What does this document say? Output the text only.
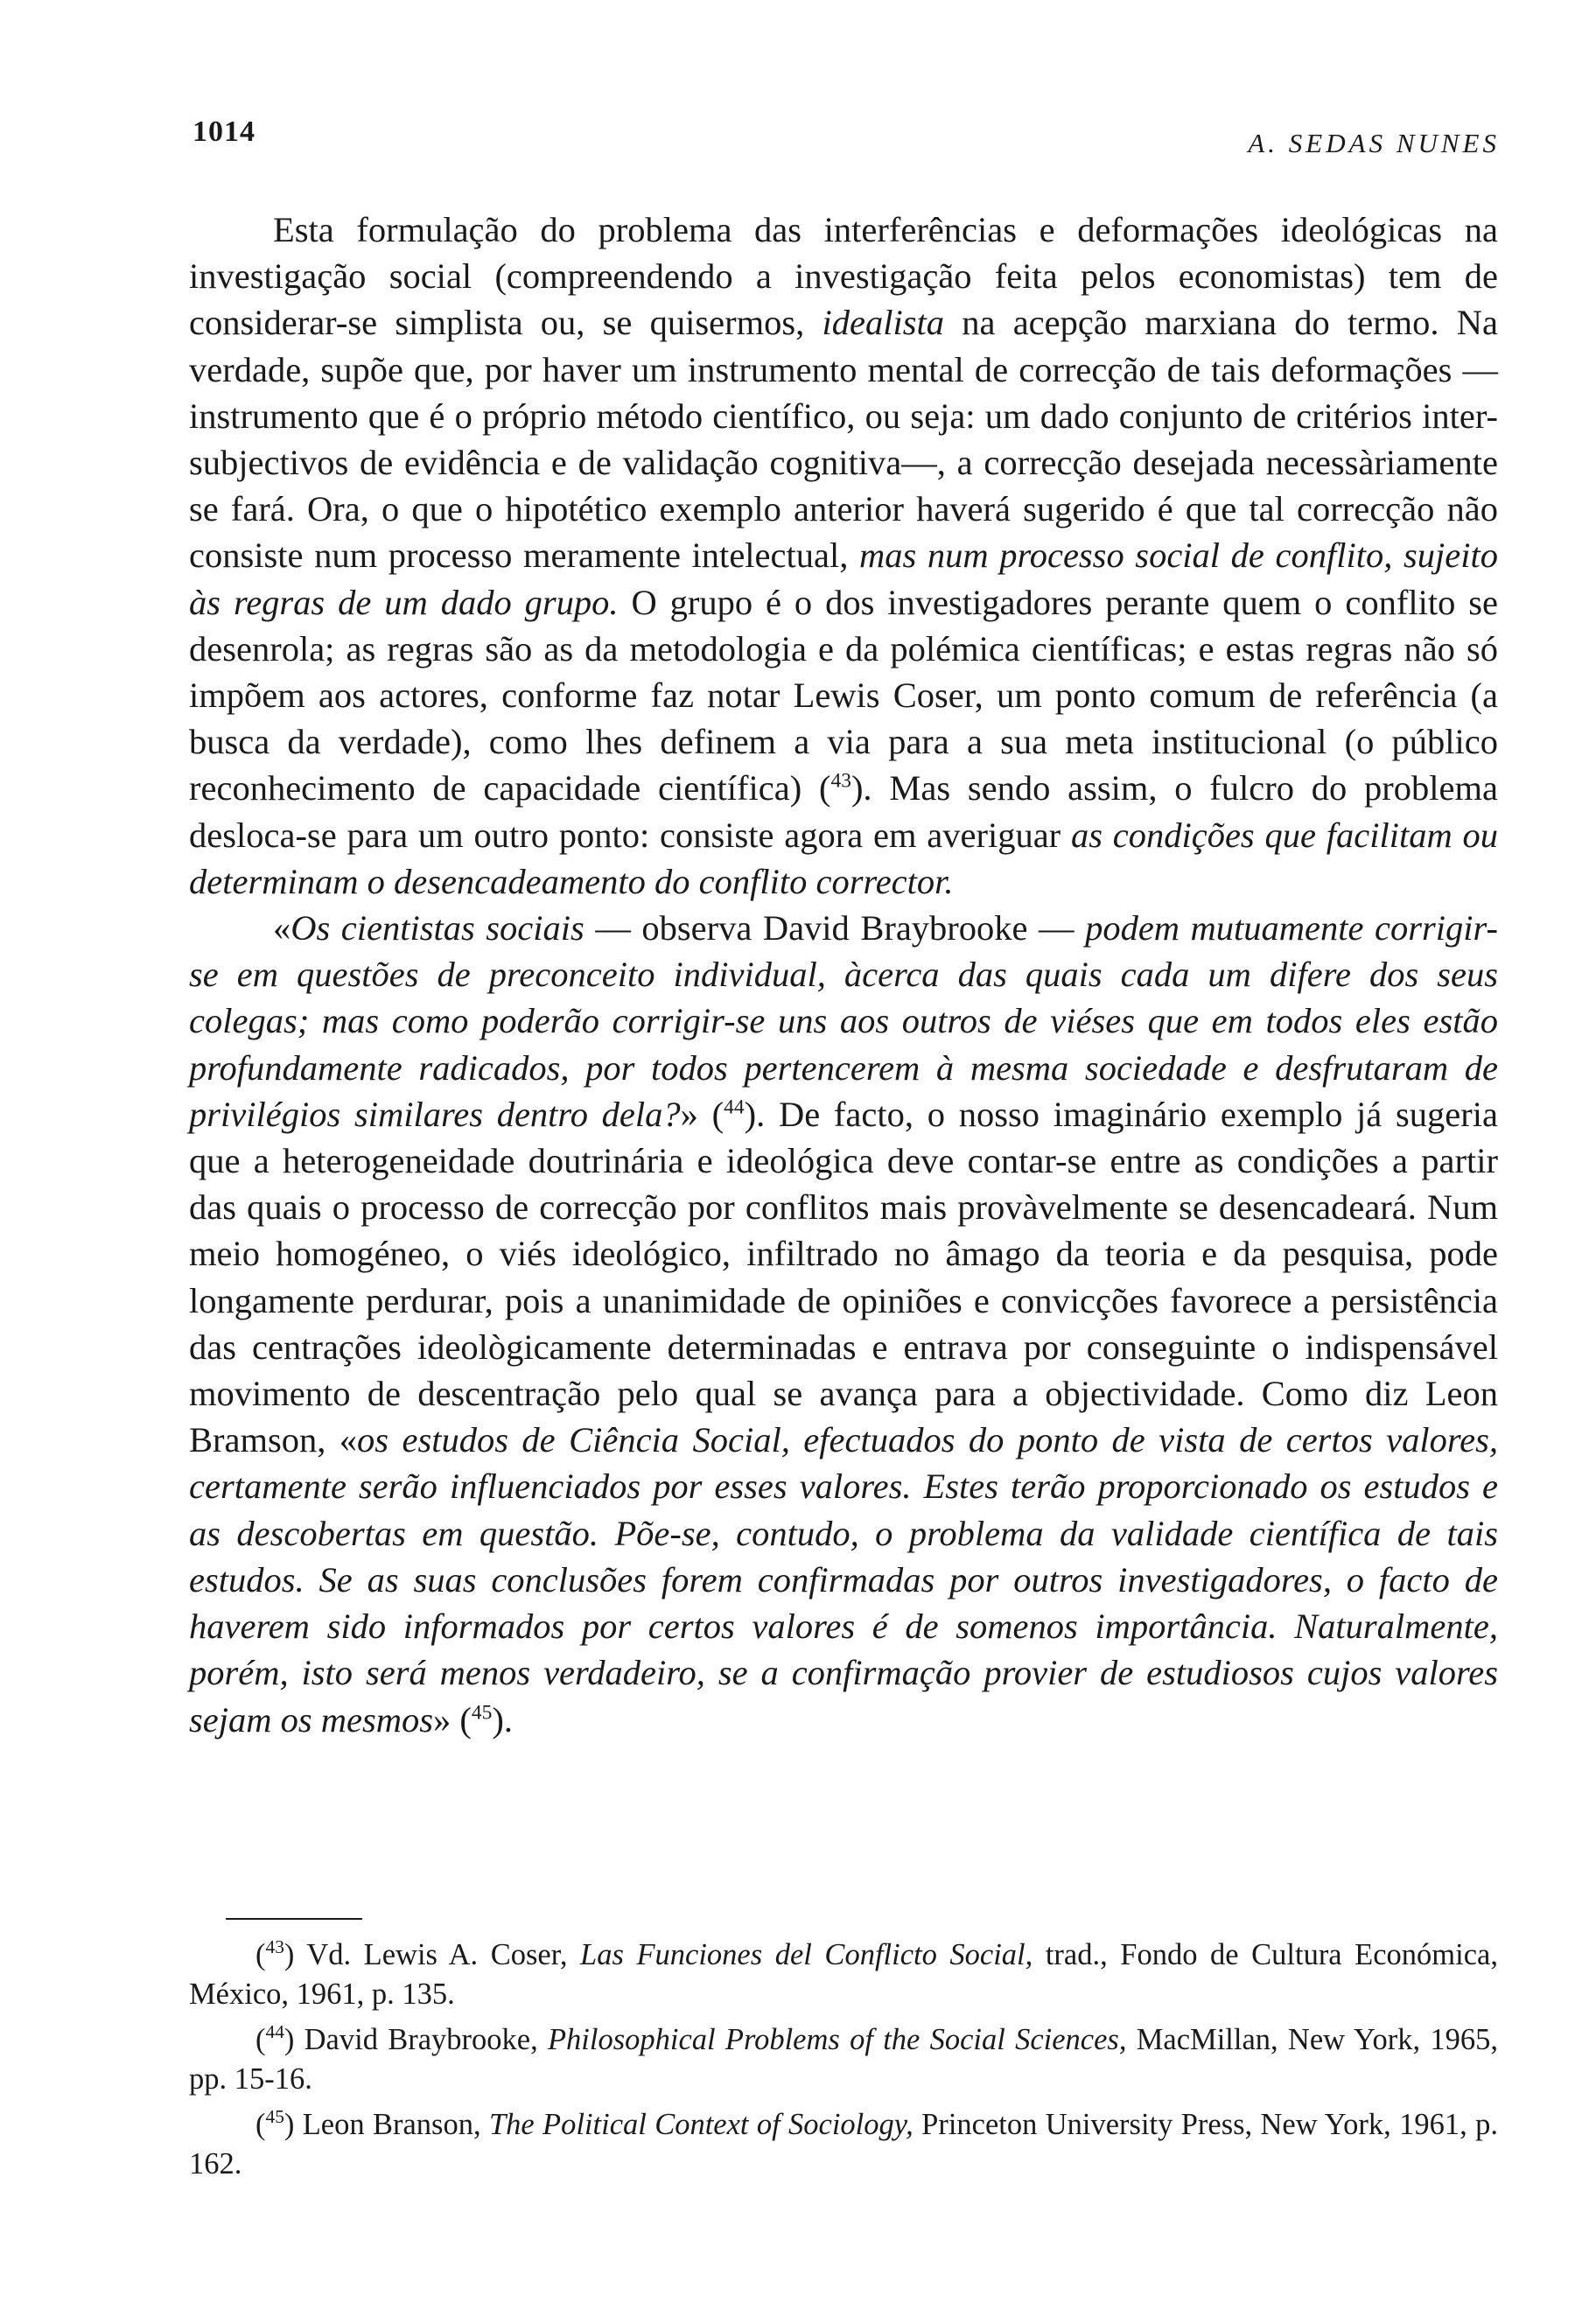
1014	A. SEDAS NUNES

Esta formulação do problema das interferências e deformações ideológicas na investigação social (compreendendo a investigação feita pelos economistas) tem de considerar-se simplista ou, se quisermos, idealista na acepção marxiana do termo. Na verdade, supõe que, por haver um instrumento mental de correcção de tais deformações — instrumento que é o próprio método científico, ou seja: um dado conjunto de critérios inter-subjectivos de evidência e de validação cognitiva—, a correcção desejada necessàriamente se fará. Ora, o que o hipotético exemplo anterior haverá sugerido é que tal correcção não consiste num processo meramente intelectual, mas num processo social de conflito, sujeito às regras de um dado grupo. O grupo é o dos investigadores perante quem o conflito se desenrola; as regras são as da metodologia e da polémica científicas; e estas regras não só impõem aos actores, conforme faz notar Lewis Coser, um ponto comum de referência (a busca da verdade), como lhes definem a via para a sua meta institucional (o público reconhecimento de capacidade científica) ($^{43}$). Mas sendo assim, o fulcro do problema desloca-se para um outro ponto: consiste agora em averiguar as condições que facilitam ou determinam o desencadeamento do conflito corrector.

«Os cientistas sociais — observa David Braybrooke — podem mutuamente corrigir-se em questões de preconceito individual, àcerca das quais cada um difere dos seus colegas; mas como poderão corrigir-se uns aos outros de viéses que em todos eles estão profundamente radicados, por todos pertencerem à mesma sociedade e desfrutaram de privilégios similares dentro dela?» ($^{44}$). De facto, o nosso imaginário exemplo já sugeria que a heterogeneidade doutrinária e ideológica deve contar-se entre as condições a partir das quais o processo de correcção por conflitos mais provàvelmente se desencadeará. Num meio homogéneo, o viés ideológico, infiltrado no âmago da teoria e da pesquisa, pode longamente perdurar, pois a unanimidade de opiniões e convicções favorece a persistência das centrações ideològicamente determinadas e entrava por conseguinte o indispensável movimento de descentração pelo qual se avança para a objectividade. Como diz Leon Bramson, «os estudos de Ciência Social, efectuados do ponto de vista de certos valores, certamente serão influenciados por esses valores. Estes terão proporcionado os estudos e as descobertas em questão. Põe-se, contudo, o problema da validade científica de tais estudos. Se as suas conclusões forem confirmadas por outros investigadores, o facto de haverem sido informados por certos valores é de somenos importância. Naturalmente, porém, isto será menos verdadeiro, se a confirmação provier de estudiosos cujos valores sejam os mesmos» ($^{45}$).

($^{43}$) Vd. Lewis A. Coser, Las Funciones del Conflicto Social, trad., Fondo de Cultura Económica, México, 1961, p. 135.

($^{44}$) David Braybrooke, Philosophical Problems of the Social Sciences, MacMillan, New York, 1965, pp. 15-16.

($^{45}$) Leon Branson, The Political Context of Sociology, Princeton University Press, New York, 1961, p. 162.
